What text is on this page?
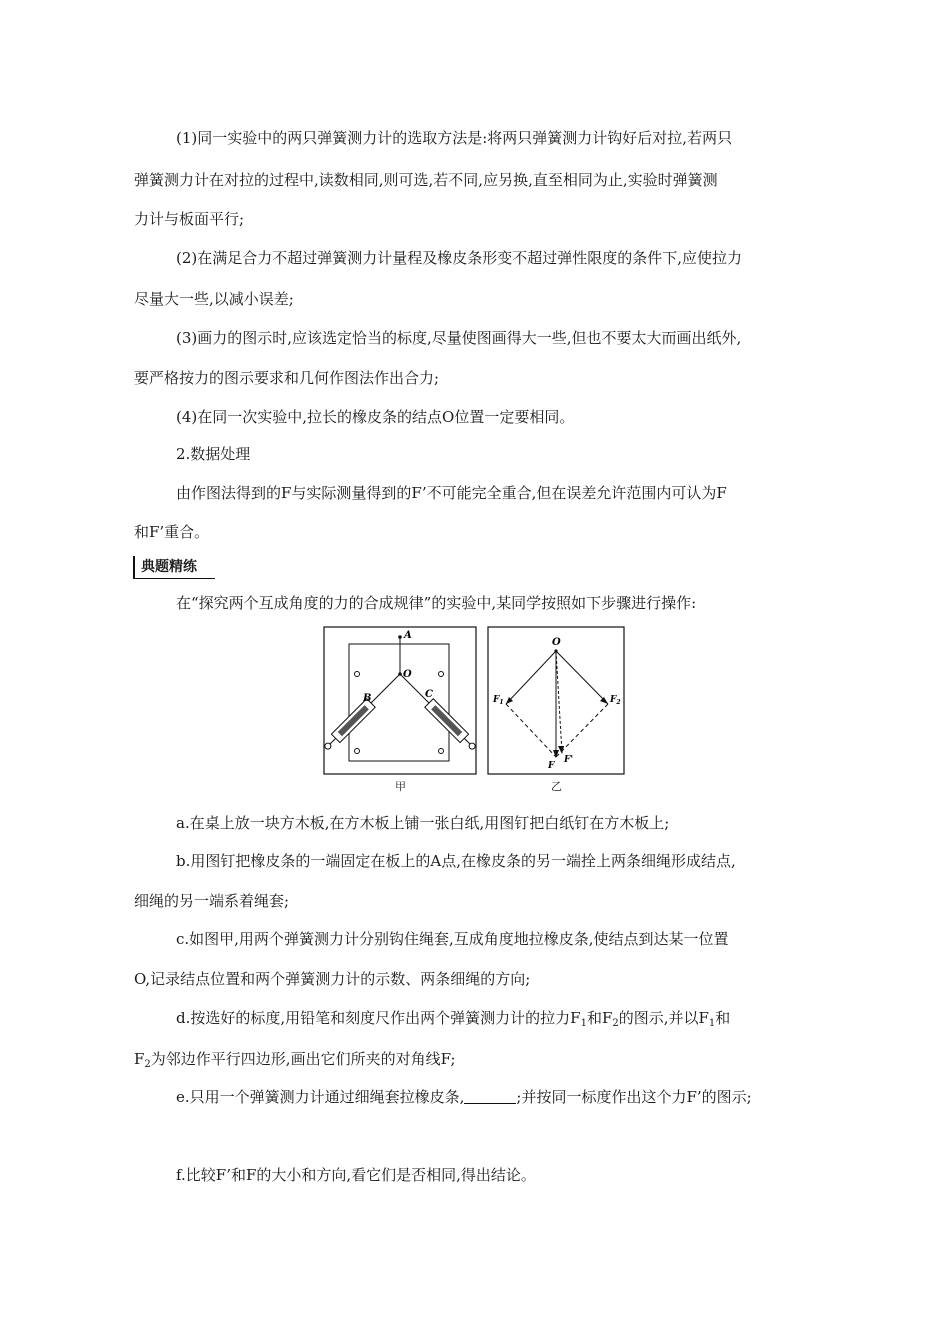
(1)同一实验中的两只弹簧测力计的选取方法是:将两只弹簧测力计钩好后对拉,若两只
弹簧测力计在对拉的过程中,读数相同,则可选,若不同,应另换,直至相同为止,实验时弹簧测
力计与板面平行;
(2)在满足合力不超过弹簧测力计量程及橡皮条形变不超过弹性限度的条件下,应使拉力
尽量大一些,以减小误差;
(3)画力的图示时,应该选定恰当的标度,尽量使图画得大一些,但也不要太大而画出纸外,
要严格按力的图示要求和几何作图法作出合力;
(4)在同一次实验中,拉长的橡皮条的结点O位置一定要相同。
2.数据处理
由作图法得到的F与实际测量得到的F’不可能完全重合,但在误差允许范围内可认为F
和F’重合。
典题精练
在“探究两个互成角度的力的合成规律”的实验中,某同学按照如下步骤进行操作:
A
O
B	C
O
$F_1$	$F_2$
F
F'
甲	乙
a.在桌上放一块方木板,在方木板上铺一张白纸,用图钉把白纸钉在方木板上;
b.用图钉把橡皮条的一端固定在板上的A点,在橡皮条的另一端拴上两条细绳形成结点,
细绳的另一端系着绳套;
c.如图甲,用两个弹簧测力计分别钩住绳套,互成角度地拉橡皮条,使结点到达某一位置
O,记录结点位置和两个弹簧测力计的示数、两条细绳的方向;
d.按选好的标度,用铅笔和刻度尺作出两个弹簧测力计的拉力$F_1$和$F_2$的图示,并以$F_1$和
$F_2$为邻边作平行四边形,画出它们所夹的对角线F;
e.只用一个弹簧测力计通过细绳套拉橡皮条,	;并按同一标度作出这个力F’的图示;
f.比较F’和F的大小和方向,看它们是否相同,得出结论。
